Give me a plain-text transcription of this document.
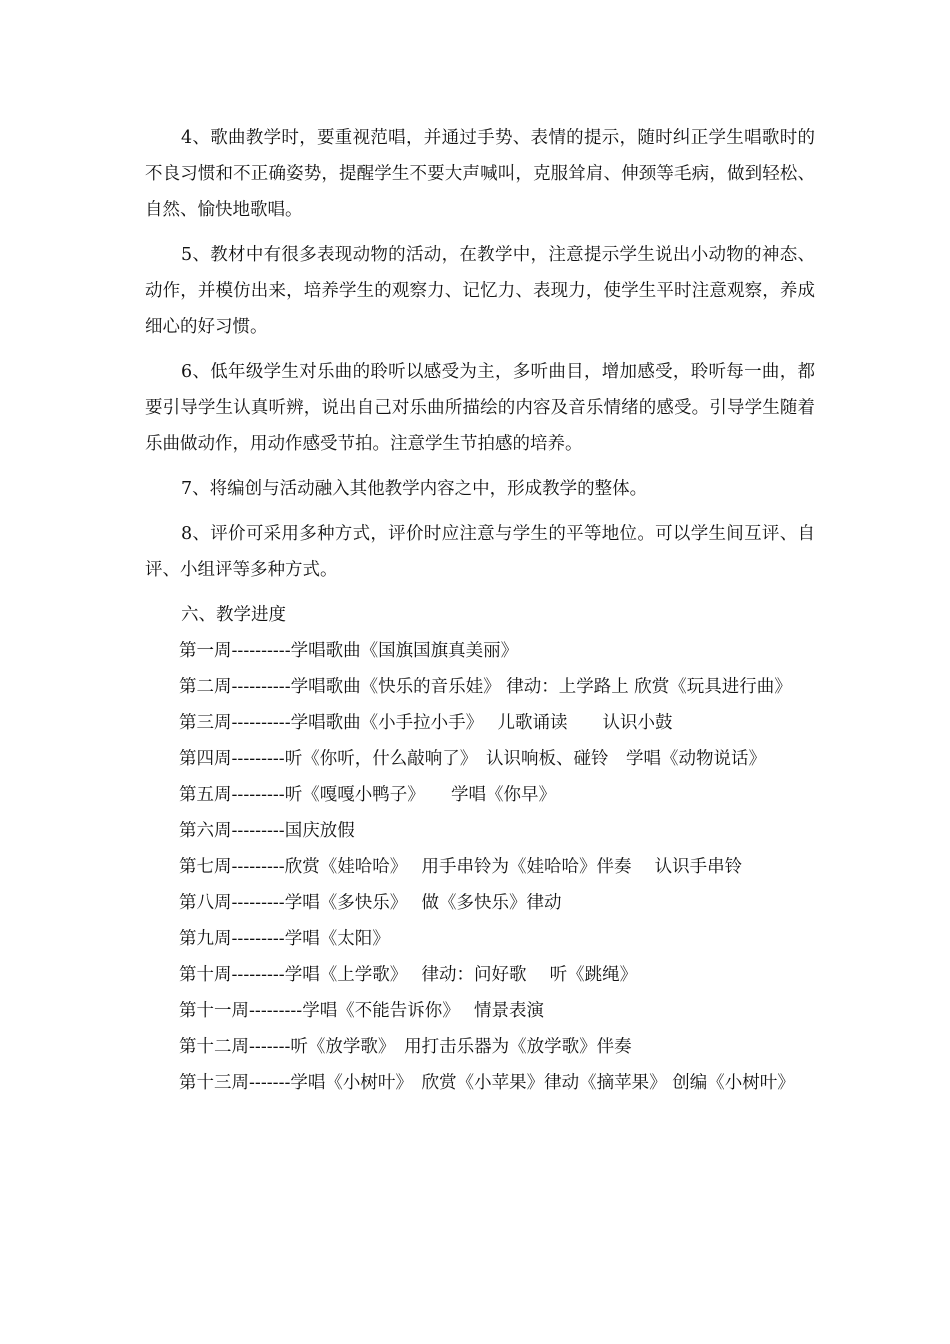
4、歌曲教学时，要重视范唱，并通过手势、表情的提示，随时纠正学生唱歌时的不良习惯和不正确姿势，提醒学生不要大声喊叫，克服耸肩、伸颈等毛病，做到轻松、自然、愉快地歌唱。

5、教材中有很多表现动物的活动，在教学中，注意提示学生说出小动物的神态、动作，并模仿出来，培养学生的观察力、记忆力、表现力，使学生平时注意观察，养成细心的好习惯。

6、低年级学生对乐曲的聆听以感受为主，多听曲目，增加感受，聆听每一曲，都要引导学生认真听辨，说出自己对乐曲所描绘的内容及音乐情绪的感受。引导学生随着乐曲做动作，用动作感受节拍。注意学生节拍感的培养。

7、将编创与活动融入其他教学内容之中，形成教学的整体。

8、评价可采用多种方式，评价时应注意与学生的平等地位。可以学生间互评、自评、小组评等多种方式。

六、教学进度

第一周----------学唱歌曲《国旗国旗真美丽》

第二周----------学唱歌曲《快乐的音乐娃》 律动：上学路上 欣赏《玩具进行曲》

第三周----------学唱歌曲《小手拉小手》　 儿歌诵读　　认识小鼓

第四周---------听《你听，什么敲响了》　认识响板、碰铃　学唱《动物说话》

第五周---------听《嘎嘎小鸭子》　　学唱《你早》

第六周---------国庆放假

第七周---------欣赏《娃哈哈》　 用手串铃为《娃哈哈》伴奏　 认识手串铃

第八周---------学唱《多快乐》　 做《多快乐》律动

第九周---------学唱《太阳》

第十周---------学唱《上学歌》　 律动：问好歌　 听《跳绳》

第十一周---------学唱《不能告诉你》　 情景表演

第十二周-------听《放学歌》　用打击乐器为《放学歌》伴奏

第十三周-------学唱《小树叶》　欣赏《小苹果》律动《摘苹果》 创编《小树叶》
